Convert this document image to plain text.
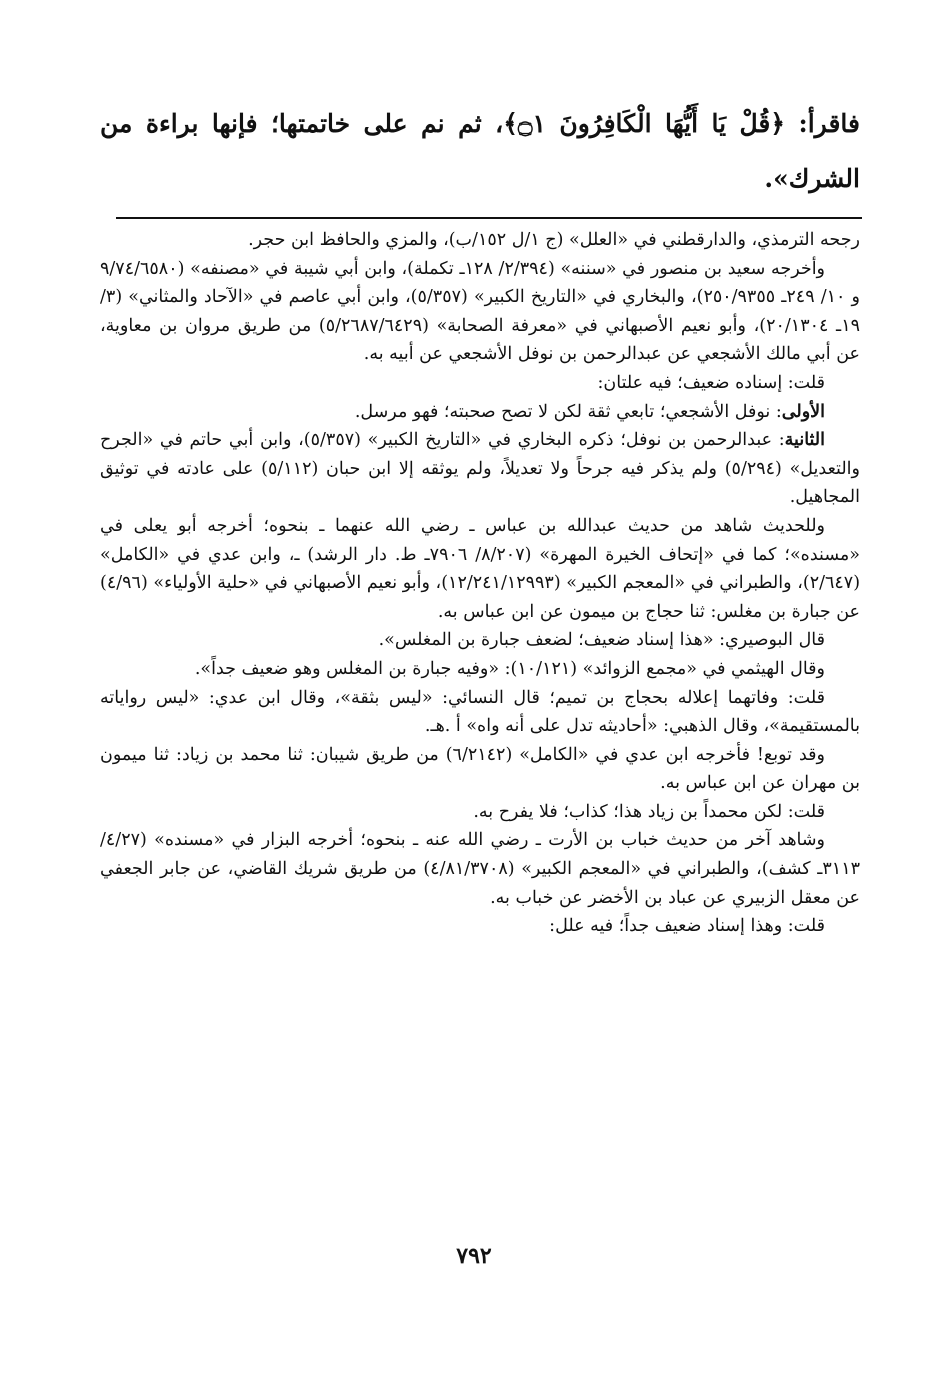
فاقرأ: ﴿قُلْ يَا أَيُّهَا الْكَافِرُونَ ۝١﴾، ثم نم على خاتمتها؛ فإنها براءة من الشرك».

رجحه الترمذي، والدارقطني في «العلل» (ج ١/ل ١٥٢/ب)، والمزي والحافظ ابن حجر.

وأخرجه سعيد بن منصور في «سننه» (٢/٣٩٤/ ١٢٨ـ تكملة)، وابن أبي شيبة في «مصنفه» (٩/٧٤/٦٥٨٠ و ١٠/ ٢٤٩ـ ٢٥٠/٩٣٥٥)، والبخاري في «التاريخ الكبير» (٥/٣٥٧)، وابن أبي عاصم في «الآحاد والمثاني» (٣/ ١٩ـ ٢٠/١٣٠٤)، وأبو نعيم الأصبهاني في «معرفة الصحابة» (٥/٢٦٨٧/٦٤٢٩) من طريق مروان بن معاوية، عن أبي مالك الأشجعي عن عبدالرحمن بن نوفل الأشجعي عن أبيه به.

قلت: إسناده ضعيف؛ فيه علتان:

الأولى: نوفل الأشجعي؛ تابعي ثقة لكن لا تصح صحبته؛ فهو مرسل.

الثانية: عبدالرحمن بن نوفل؛ ذكره البخاري في «التاريخ الكبير» (٥/٣٥٧)، وابن أبي حاتم في «الجرح والتعديل» (٥/٢٩٤) ولم يذكر فيه جرحاً ولا تعديلاً، ولم يوثقه إلا ابن حبان (٥/١١٢) على عادته في توثيق المجاهيل.

وللحديث شاهد من حديث عبدالله بن عباس ـ رضي الله عنهما ـ بنحوه؛ أخرجه أبو يعلى في «مسنده»؛ كما في «إتحاف الخيرة المهرة» (٨/٢٠٧/ ٧٩٠٦ـ ط. دار الرشد) ـ، وابن عدي في «الكامل» (٢/٦٤٧)، والطبراني في «المعجم الكبير» (١٢/٢٤١/١٢٩٩٣)، وأبو نعيم الأصبهاني في «حلية الأولياء» (٤/٩٦) عن جبارة بن مغلس: ثنا حجاج بن ميمون عن ابن عباس به.

قال البوصيري: «هذا إسناد ضعيف؛ لضعف جبارة بن المغلس».

وقال الهيثمي في «مجمع الزوائد» (١٠/١٢١): «وفيه جبارة بن المغلس وهو ضعيف جداً».

قلت: وفاتهما إعلاله بحجاج بن تميم؛ قال النسائي: «ليس بثقة»، وقال ابن عدي: «ليس رواياته بالمستقيمة»، وقال الذهبي: «أحاديثه تدل على أنه واه» أ .هـ.

وقد توبع! فأخرجه ابن عدي في «الكامل» (٦/٢١٤٢) من طريق شيبان: ثنا محمد بن زياد: ثنا ميمون بن مهران عن ابن عباس به.

قلت: لكن محمداً بن زياد هذا؛ كذاب؛ فلا يفرح به.

وشاهد آخر من حديث خباب بن الأرت ـ رضي الله عنه ـ بنحوه؛ أخرجه البزار في «مسنده» (٤/٢٧/ ٣١١٣ـ كشف)، والطبراني في «المعجم الكبير» (٤/٨١/٣٧٠٨) من طريق شريك القاضي، عن جابر الجعفي عن معقل الزبيري عن عباد بن الأخضر عن خباب به.

قلت: وهذا إسناد ضعيف جداً؛ فيه علل:

٧٩٢
